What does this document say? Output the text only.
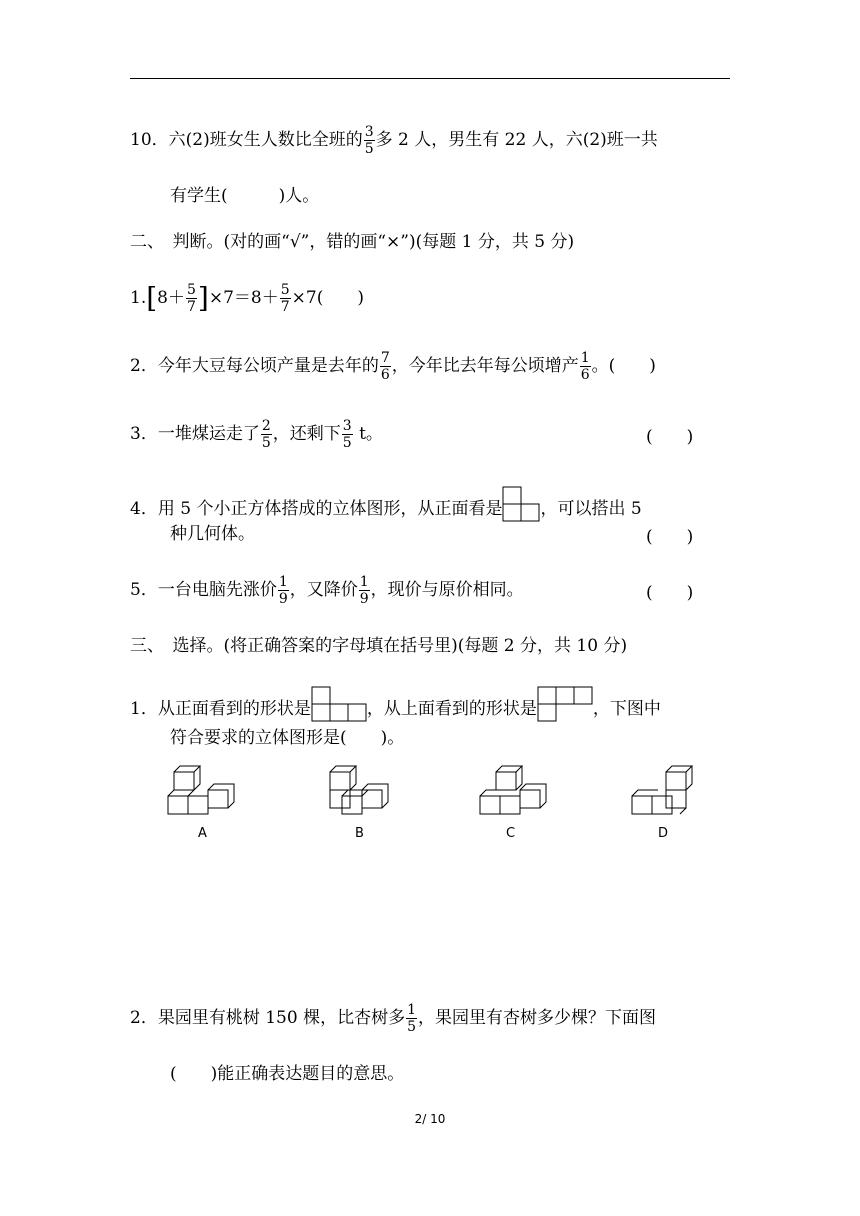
10．六(2)班女生人数比全班的 $\frac{3}{5}$ 多 2 人，男生有 22 人，六(2)班一共
有学生(　　　)人。
二、　判断。(对的画“√”，错的画“×”)(每题 1 分，共 5 分)
$1.[8+ \frac{5}{7} ]\times 7=8+ \frac{5}{7} \times 7$(　　)
2．今年大豆每公顷产量是去年的 $\frac{7}{6}$ ，今年比去年每公顷增产 $\frac{1}{6}$ 。(　　)
3．一堆煤运走了 $\frac{2}{5}$ ，还剩下 $\frac{3}{5}$ t。	(　　)
4．用 5 个小正方体搭成的立体图形，从正面看是 ，可以搭出 5
种几何体。	(　　)
5．一台电脑先涨价 $\frac{1}{9}$ ，又降价 $\frac{1}{9}$ ，现价与原价相同。	(　　)
三、　选择。(将正确答案的字母填在括号里)(每题 2 分，共 10 分)
1．从正面看到的形状是	，从上面看到的形状是	，下图中
符合要求的立体图形是(　　)。
A	B	C	D
2．果园里有桃树 150 棵，比杏树多 $\frac{1}{5}$ ，果园里有杏树多少棵？下面图
(　　)能正确表达题目的意思。
2/ 10
